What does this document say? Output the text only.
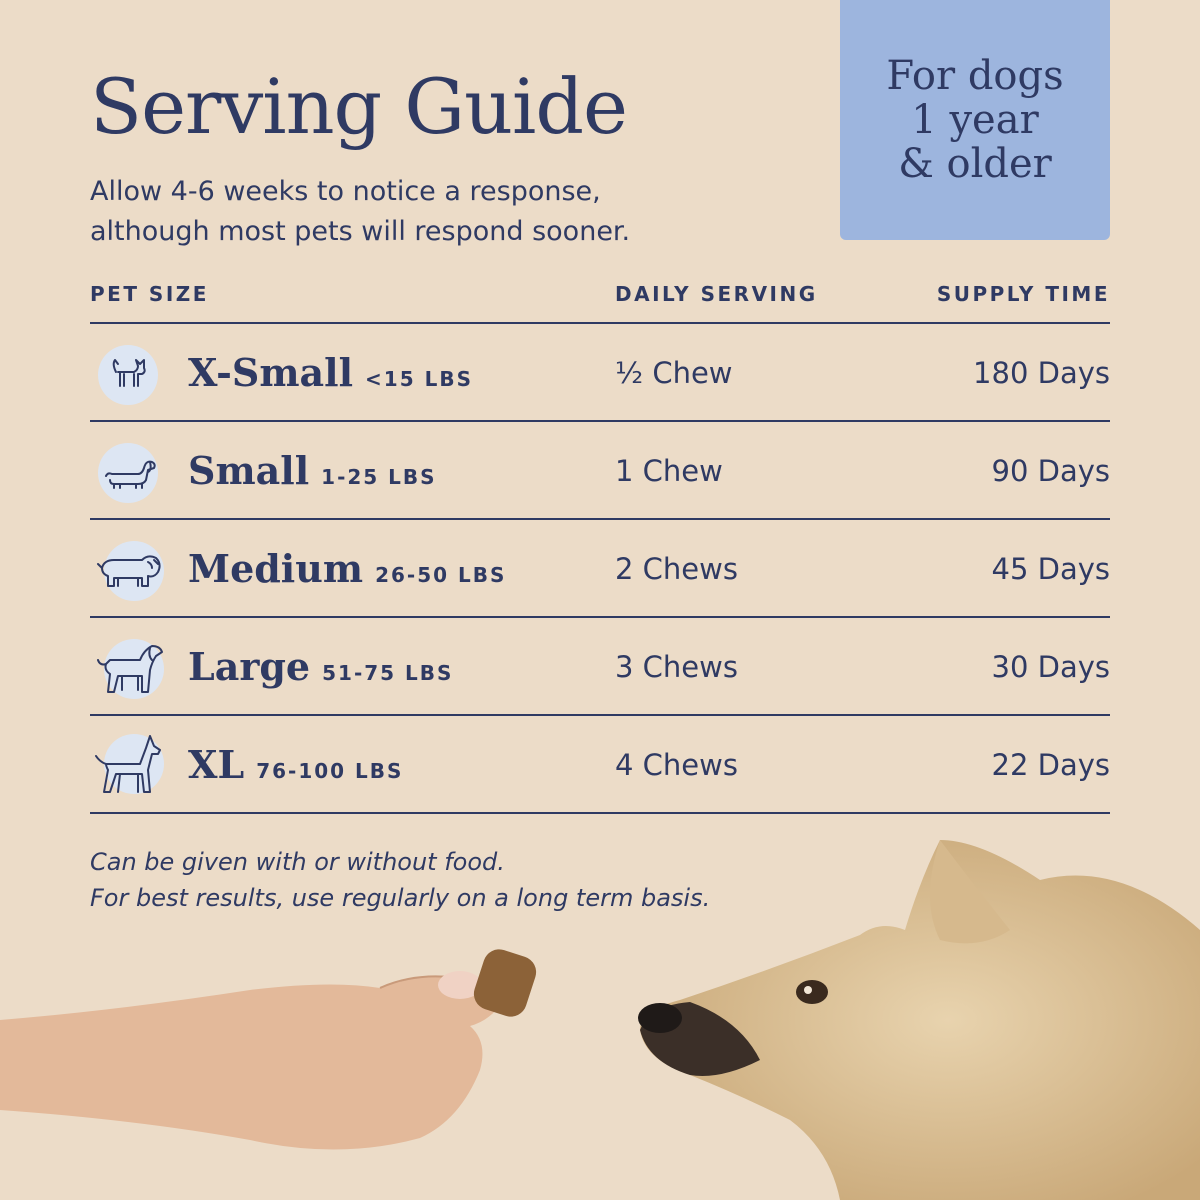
Serving Guide
Allow 4-6 weeks to notice a response,
although most pets will respond sooner.
For dogs
1 year
& older
PET SIZE	DAILY SERVING	SUPPLY TIME
X-Small <15 LBS	½ Chew	180 Days
Small 1-25 LBS	1 Chew	90 Days
Medium 26-50 LBS	2 Chews	45 Days
Large 51-75 LBS	3 Chews	30 Days
XL 76-100 LBS	4 Chews	22 Days
Can be given with or without food.
For best results, use regularly on a long term basis.
